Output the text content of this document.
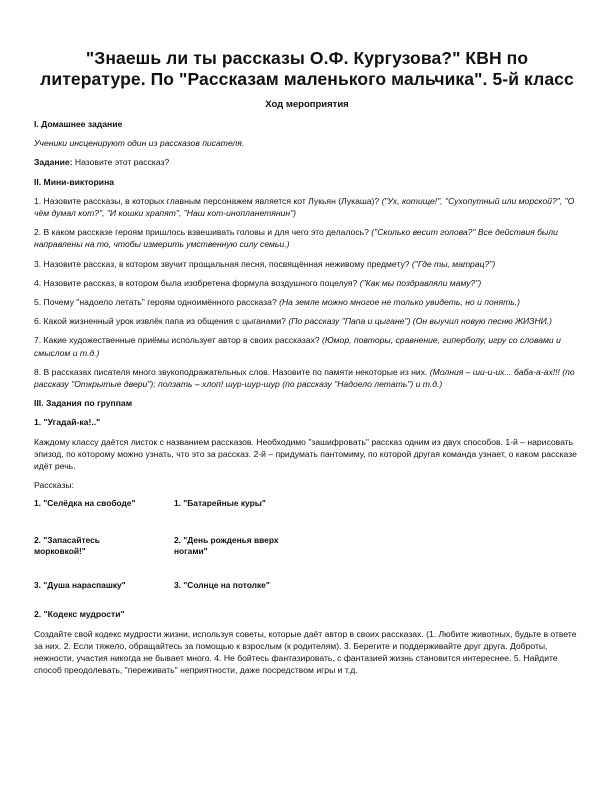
"Знаешь ли ты рассказы О.Ф. Кургузова?" КВН по литературе. По "Рассказам маленького мальчика". 5-й класс
Ход мероприятия
I. Домашнее задание
Ученики инсценируют один из рассказов писателя.
Задание: Назовите этот рассказ?
II. Мини-викторина
1. Назовите рассказы, в которых главным персонажем является кот Лукьян (Лукаша)? ("Ух, котище!", "Сухопутный или морской?", "О чём думал кот?", "И кошки храпят", "Наш кот-инопланетянин")
2. В каком рассказе героям пришлось взвешивать головы и для чего это делалось? ("Сколько весит голова?" Все действия были направлены на то, чтобы измерить умственную силу семьи.)
3. Назовите рассказ, в котором звучит прощальная песня, посвящённая неживому предмету? ("Где ты, матрац?")
4. Назовите рассказ, в котором была изобретена формула воздушного поцелуя? ("Как мы поздравляли маму?")
5. Почему "надоело летать" героям одноимённого рассказа? (На земле можно многое не только увидеть, но и понять.)
6. Какой жизненный урок извлёк папа из общения с цыганами? (По рассказу "Папа и цыгане") (Он выучил новую песню ЖИЗНИ.)
7. Какие художественные приёмы использует автор в своих рассказах? (Юмор, повторы, сравнение, гиперболу, игру со словами и смыслом и т.д.)
8. В рассказах писателя много звукоподражательных слов. Назовите по памяти некоторые из них. (Молния – ши-и-их... баба-а-ах!!! (по рассказу "Открытые двери"); ползать – хлоп! шур-шур-шур (по рассказу "Надоело летать") и т.д.)
III. Задания по группам
1. "Угадай-ка!.."
Каждому классу даётся листок с названием рассказов. Необходимо "зашифровать" рассказ одним из двух способов. 1-й – нарисовать эпизод, по которому можно узнать, что это за рассказ. 2-й – придумать пантомиму, по которой другая команда узнает, о каком рассказе идёт речь.
Рассказы:
1. "Селёдка на свободе"	1. "Батарейные куры"
2. "Запасайтесь морковкой!"
2. "День рожденья вверх ногами"
3. "Душа нараспашку"	3. "Солнце на потолке"
2. "Кодекс мудрости"
Создайте свой кодекс мудрости жизни, используя советы, которые даёт автор в своих рассказах. (1. Любите животных, будьте в ответе за них. 2. Если тяжело, обращайтесь за помощью к взрослым (к родителям). 3. Берегите и поддерживайте друг друга. Доброты, нежности, участия никогда не бывает много. 4. Не бойтесь фантазировать, с фантазией жизнь становится интереснее. 5. Найдите способ преодолевать, "переживать" неприятности, даже посредством игры и т.д.
